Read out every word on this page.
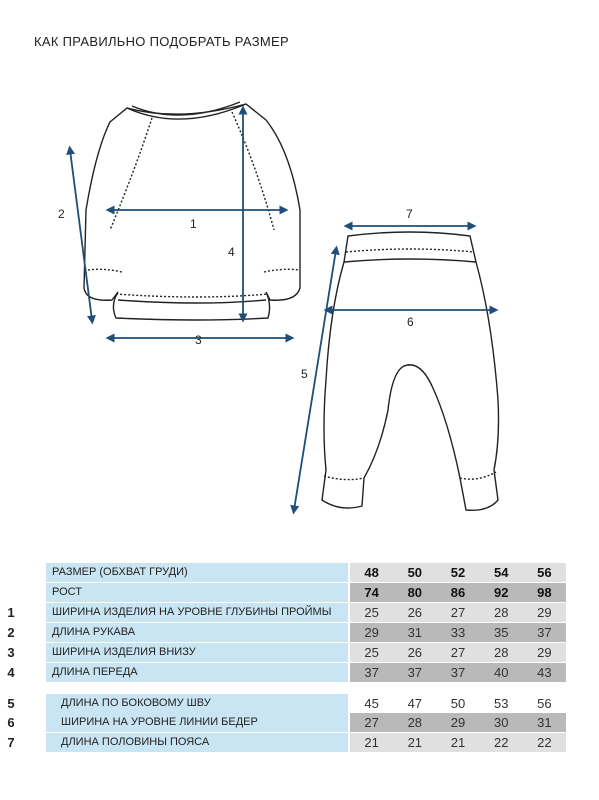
КАК ПРАВИЛЬНО ПОДОБРАТЬ РАЗМЕР
1
2
3
4
5
6
7
РАЗМЕР (ОБХВАТ ГРУДИ)	48	50	52	54	56
РОСТ	74	80	86	92	98
1	ШИРИНА ИЗДЕЛИЯ НА УРОВНЕ ГЛУБИНЫ ПРОЙМЫ	25	26	27	28	29
2	ДЛИНА РУКАВА	29	31	33	35	37
3	ШИРИНА ИЗДЕЛИЯ ВНИЗУ	25	26	27	28	29
4	ДЛИНА ПЕРЕДА	37	37	37	40	43
5	ДЛИНА ПО БОКОВОМУ ШВУ	45	47	50	53	56
6	ШИРИНА НА УРОВНЕ ЛИНИИ БЕДЕР	27	28	29	30	31
7	ДЛИНА ПОЛОВИНЫ ПОЯСА	21	21	21	22	22
